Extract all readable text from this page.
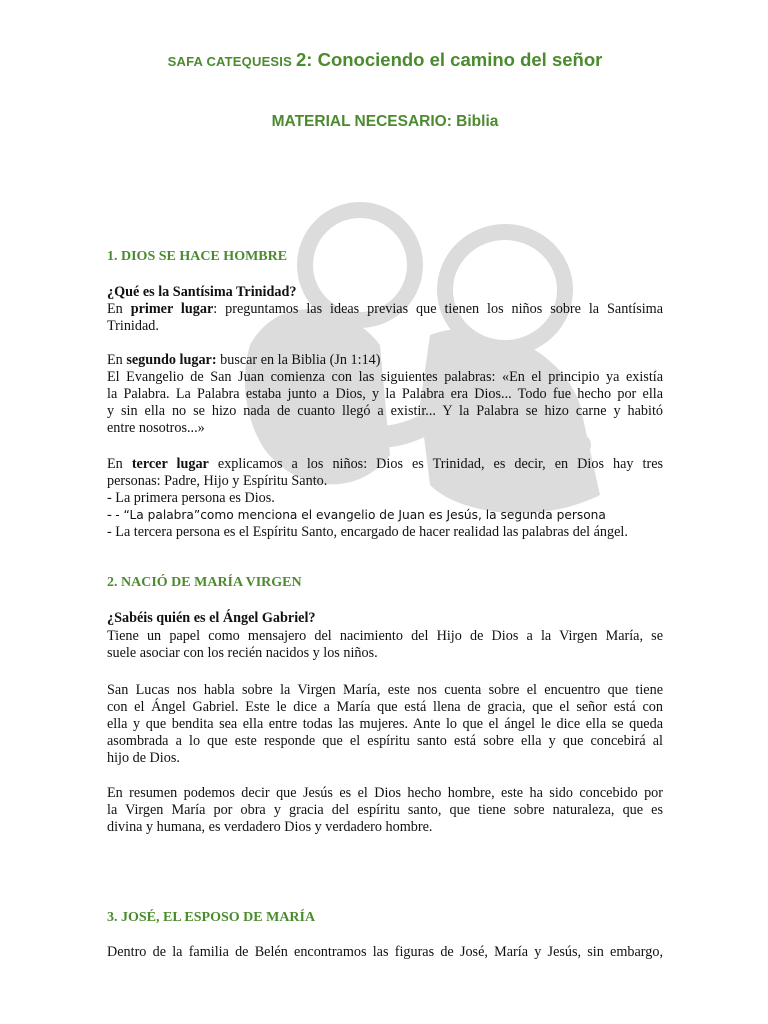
SAFA CATEQUESIS 2: Conociendo el camino del señor
MATERIAL NECESARIO: Biblia
1. DIOS SE HACE HOMBRE
¿Qué es la Santísima Trinidad?
En primer lugar: preguntamos las ideas previas que tienen los niños sobre la Santísima
Trinidad.
En segundo lugar: buscar en la Biblia (Jn 1:14)
El Evangelio de San Juan comienza con las siguientes palabras: «En el principio ya existía
la Palabra. La Palabra estaba junto a Dios, y la Palabra era Dios... Todo fue hecho por ella
y sin ella no se hizo nada de cuanto llegó a existir... Y la Palabra se hizo carne y habitó
entre nosotros...»
En tercer lugar explicamos a los niños: Dios es Trinidad, es decir, en Dios hay tres
personas: Padre, Hijo y Espíritu Santo.
- La primera persona es Dios.
- - “La palabra”como menciona el evangelio de Juan es Jesús, la segunda persona
- La tercera persona es el Espíritu Santo, encargado de hacer realidad las palabras del ángel.
2. NACIÓ DE MARÍA VIRGEN
¿Sabéis quién es el Ángel Gabriel?
Tiene un papel como mensajero del nacimiento del Hijo de Dios a la Virgen María, se
suele asociar con los recién nacidos y los niños.
San Lucas nos habla sobre la Virgen María, este nos cuenta sobre el encuentro que tiene
con el Ángel Gabriel. Este le dice a María que está llena de gracia, que el señor está con
ella y que bendita sea ella entre todas las mujeres. Ante lo que el ángel le dice ella se queda
asombrada a lo que este responde que el espíritu santo está sobre ella y que concebirá al
hijo de Dios.
En resumen podemos decir que Jesús es el Dios hecho hombre, este ha sido concebido por
la Virgen María por obra y gracia del espíritu santo, que tiene sobre naturaleza, que es
divina y humana, es verdadero Dios y verdadero hombre.
3. JOSÉ, EL ESPOSO DE MARÍA
Dentro de la familia de Belén encontramos las figuras de José, María y Jesús, sin embargo,
